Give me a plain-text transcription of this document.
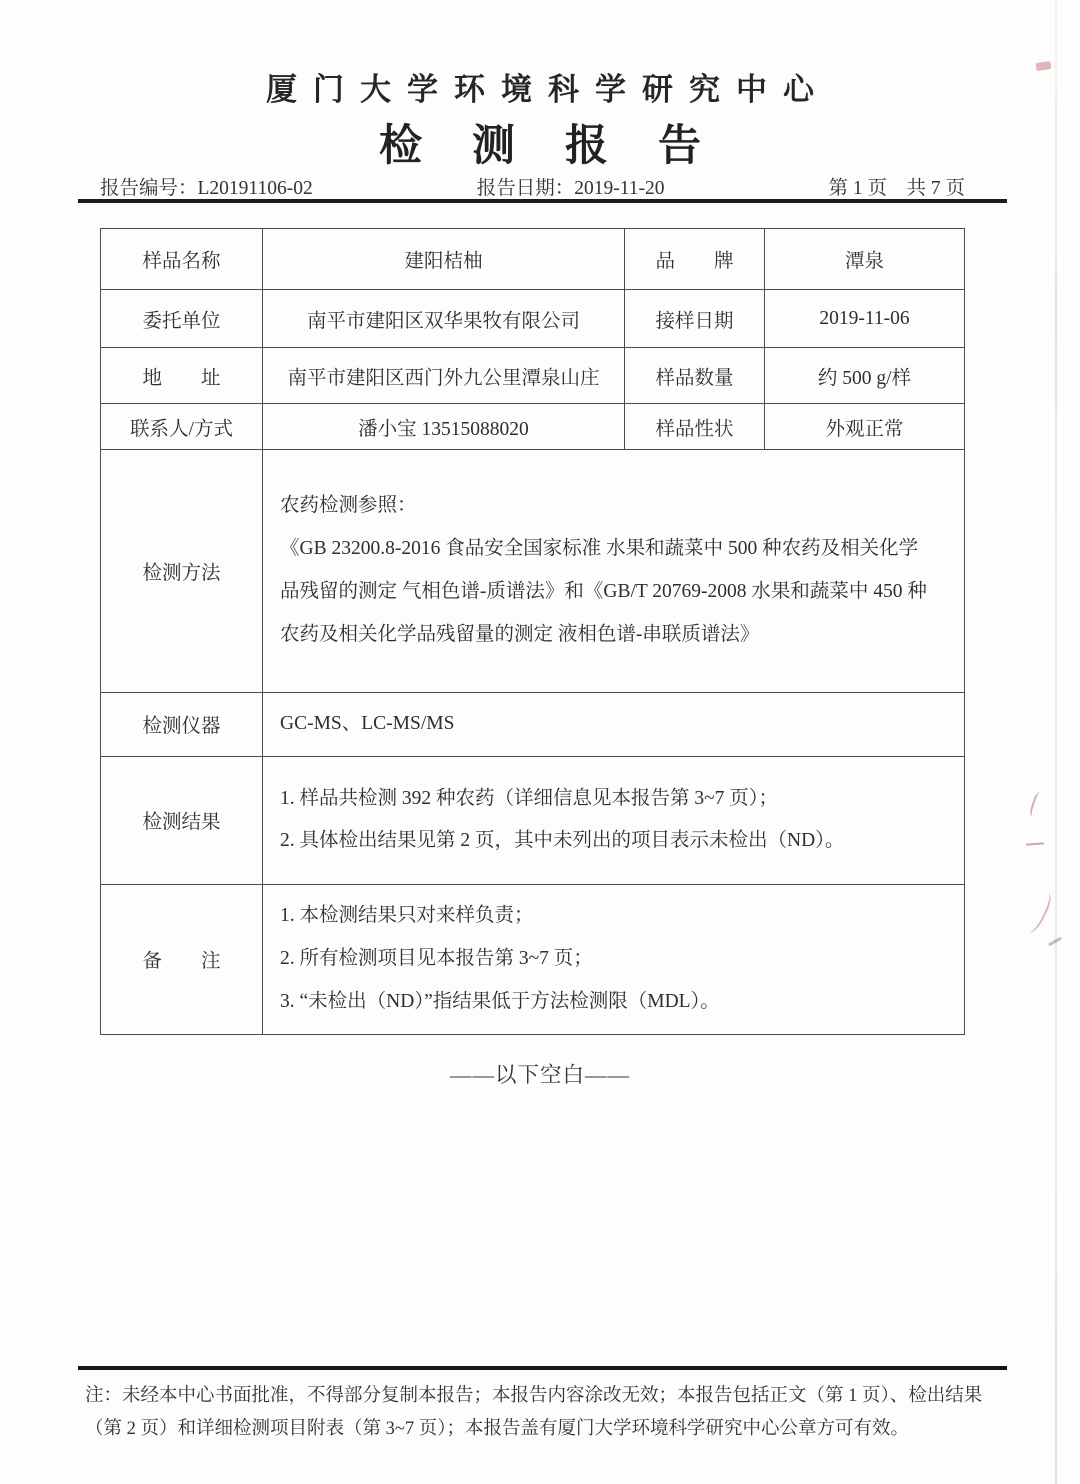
厦门大学环境科学研究中心
检测报告
报告编号：L20191106-02	报告日期：2019-11-20	第 1 页　共 7 页
样品名称	建阳桔柚	品　　牌	潭泉
委托单位	南平市建阳区双华果牧有限公司	接样日期	2019-11-06
地　　址	南平市建阳区西门外九公里潭泉山庄	样品数量	约 500 g/样
联系人/方式	潘小宝 13515088020	样品性状	外观正常
检测方法	农药检测参照：
《GB 23200.8-2016 食品安全国家标准 水果和蔬菜中 500 种农药及相关化学品残留的测定 气相色谱-质谱法》和《GB/T 20769-2008 水果和蔬菜中 450 种农药及相关化学品残留量的测定 液相色谱-串联质谱法》		

检测仪器	GC-MS、LC-MS/MS		
检测结果	1. 样品共检测 392 种农药（详细信息见本报告第 3~7 页）；
2. 具体检出结果见第 2 页，其中未列出的项目表示未检出（ND）。		

备　　注	1. 本检测结果只对来样负责；
2. 所有检测项目见本报告第 3~7 页；
3. “未检出（ND）”指结果低于方法检测限（MDL）。		
——以下空白——
注：未经本中心书面批准，不得部分复制本报告；本报告内容涂改无效；本报告包括正文（第 1 页）、检出结果
（第 2 页）和详细检测项目附表（第 3~7 页）；本报告盖有厦门大学环境科学研究中心公章方可有效。
